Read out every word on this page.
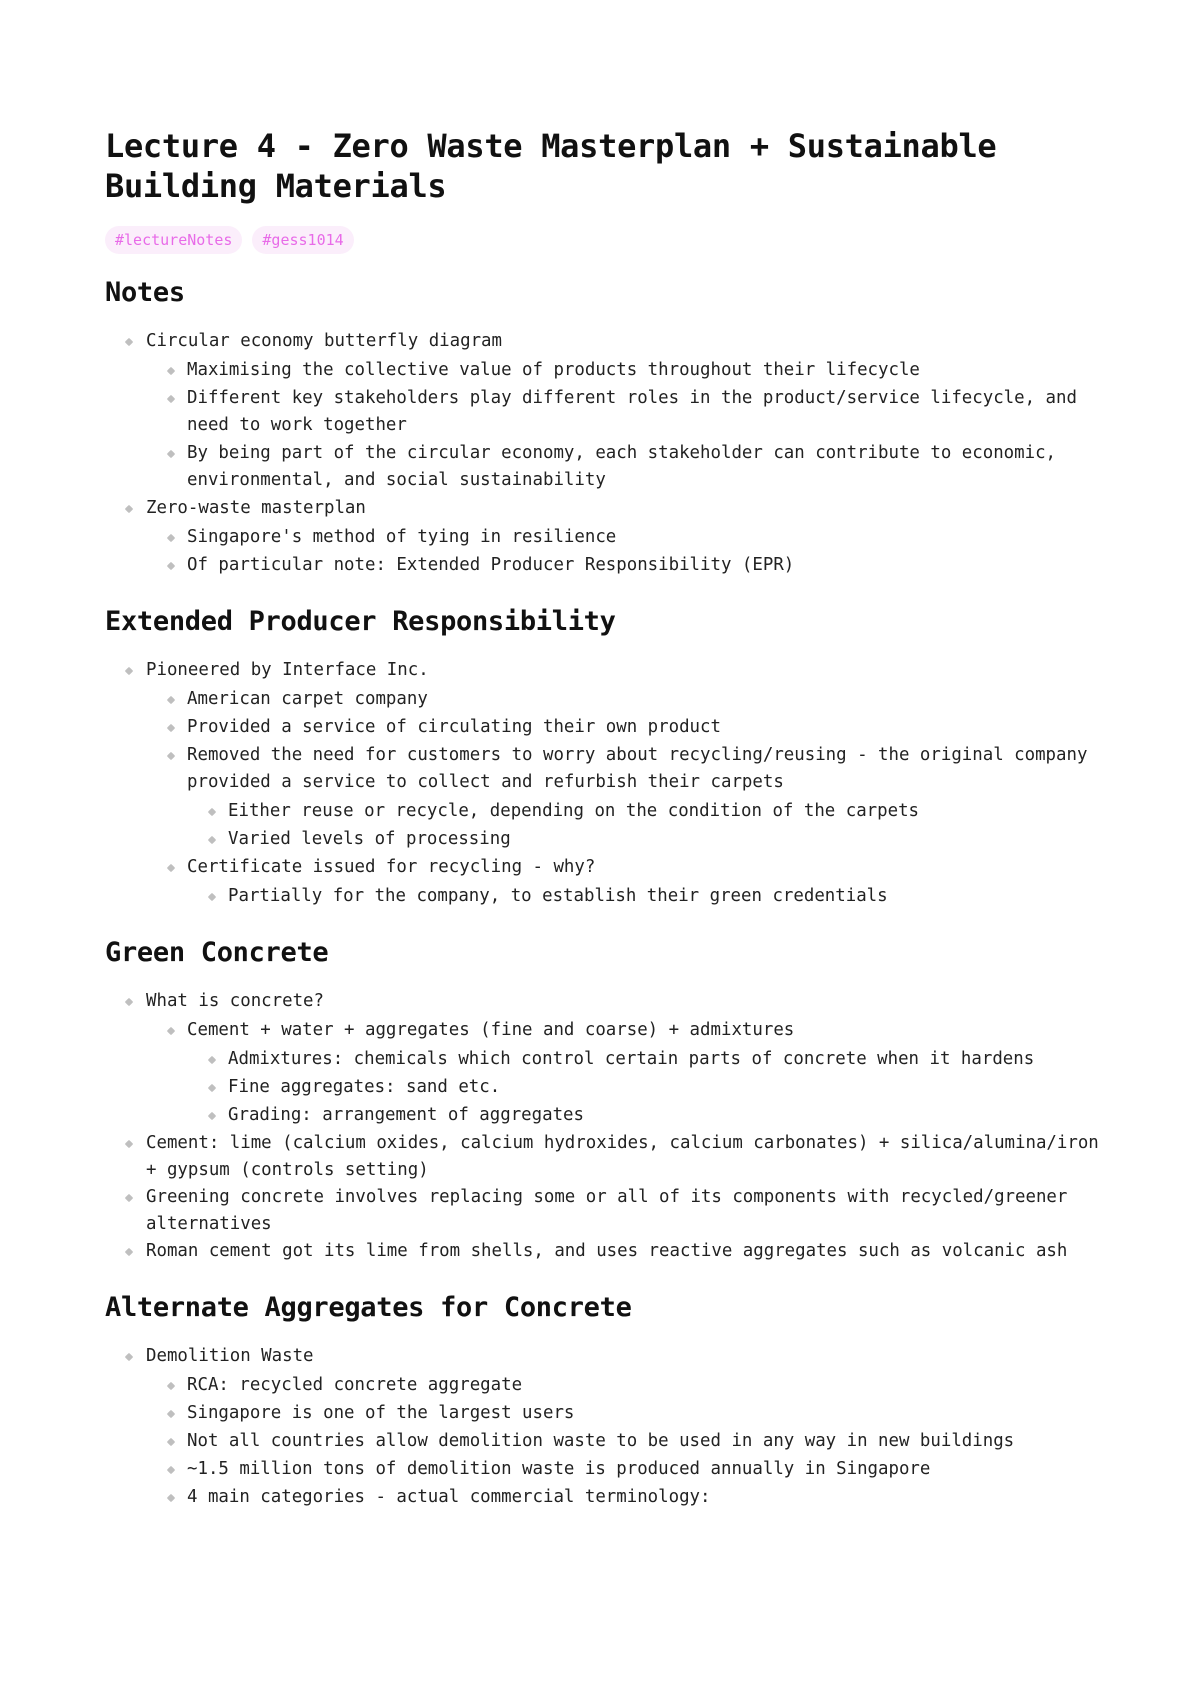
Lecture 4 - Zero Waste Masterplan + Sustainable Building Materials
#lectureNotes	#gess1014
Notes
Circular economy butterfly diagram
Maximising the collective value of products throughout their lifecycle
Different key stakeholders play different roles in the product/service lifecycle, and need to work together
By being part of the circular economy, each stakeholder can contribute to economic, environmental, and social sustainability
Zero-waste masterplan
Singapore's method of tying in resilience
Of particular note: Extended Producer Responsibility (EPR)
Extended Producer Responsibility
Pioneered by Interface Inc.
American carpet company
Provided a service of circulating their own product
Removed the need for customers to worry about recycling/reusing - the original company provided a service to collect and refurbish their carpets
Either reuse or recycle, depending on the condition of the carpets
Varied levels of processing
Certificate issued for recycling - why?
Partially for the company, to establish their green credentials
Green Concrete
What is concrete?
Cement + water + aggregates (fine and coarse) + admixtures
Admixtures: chemicals which control certain parts of concrete when it hardens
Fine aggregates: sand etc.
Grading: arrangement of aggregates
Cement: lime (calcium oxides, calcium hydroxides, calcium carbonates) + silica/alumina/iron + gypsum (controls setting)
Greening concrete involves replacing some or all of its components with recycled/greener alternatives
Roman cement got its lime from shells, and uses reactive aggregates such as volcanic ash
Alternate Aggregates for Concrete
Demolition Waste
RCA: recycled concrete aggregate
Singapore is one of the largest users
Not all countries allow demolition waste to be used in any way in new buildings
~1.5 million tons of demolition waste is produced annually in Singapore
4 main categories - actual commercial terminology:
